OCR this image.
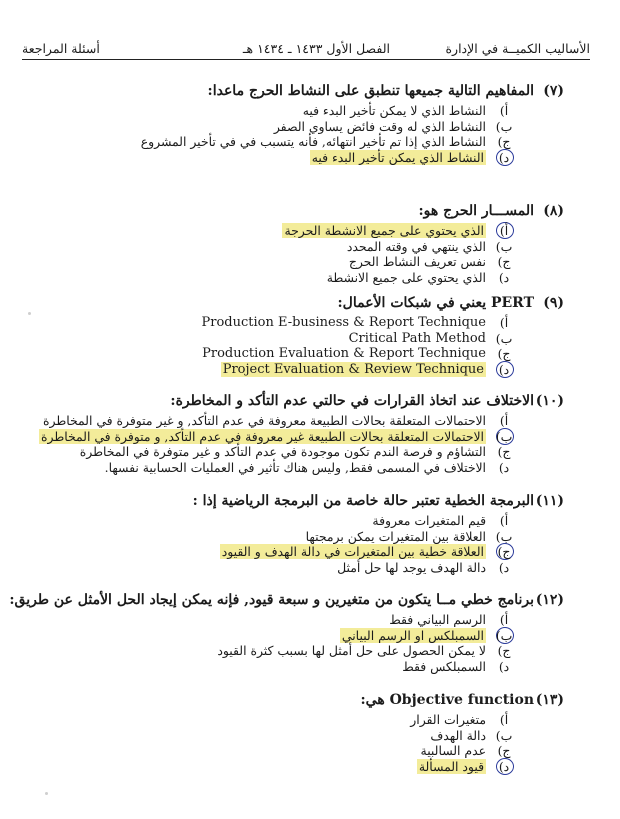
الأساليب الكميــة في الإدارة
الفصل الأول ١٤٣٣ ـ ١٤٣٤ هـ
أسئلة المراجعة
(٧)
المفاهيم التالية جميعها تنطبق على النشاط الحرج ماعدا:
أ)
النشاط الذي لا يمكن تأخير البدء فيه
ب)
النشاط الذي له وقت فائض يساوي الصفر
ج)
النشاط الذي إذا تم تأخير انتهائه, فأنه يتسبب في في تأخير المشروع
د)
النشاط الذي يمكن تأخير البدء فيه
(٨)
المســـار الحرج هو:
أ)
الذي يحتوي على جميع الانشطة الحرجة
ب)
الذي ينتهي في وقته المحدد
ج)
نفس تعريف النشاط الحرج
د)
الذي يحتوي على جميع الانشطة
(٩)
PERT يعني في شبكات الأعمال:
أ)
Production E-business & Report Technique
ب)
Critical Path Method
ج)
Production Evaluation & Report Technique
د)
Project Evaluation & Review Technique
(١٠)
الاختلاف عند اتخاذ القرارات في حالتي عدم التأكد و المخاطرة:
أ)
الاحتمالات المتعلقة بحالات الطبيعة معروفة في عدم التأكد, و غير متوفرة في المخاطرة
ب)
الاحتمالات المتعلقة بحالات الطبيعة غير معروفة في عدم التأكد, و متوفرة في المخاطرة
ج)
التشاؤم و فرصة الندم تكون موجودة في عدم التأكد و غير متوفرة في المخاطرة
د)
الاختلاف في المسمى فقط, وليس هناك تأثير في العمليات الحسابية نفسها.
(١١)
البرمجة الخطية تعتبر حالة خاصة من البرمجة الرياضية إذا :
أ)
قيم المتغيرات معروفة
ب)
العلاقة بين المتغيرات يمكن برمجتها
ج)
العلاقة خطية بين المتغيرات في دالة الهدف و القيود
د)
دالة الهدف يوجد لها حل أمثل
(١٢)
برنامج خطي مــا يتكون من متغيرين و سبعة قيود, فإنه يمكن إيجاد الحل الأمثل عن طريق:
أ)
الرسم البياني فقط
ب)
السمبلكس او الرسم البياني
ج)
لا يمكن الحصول على حل أمثل لها بسبب كثرة القيود
د)
السمبلكس فقط
(١٣)
Objective function هي:
أ)
متغيرات القرار
ب)
دالة الهدف
ج)
عدم السالبية
د)
قيود المسألة
